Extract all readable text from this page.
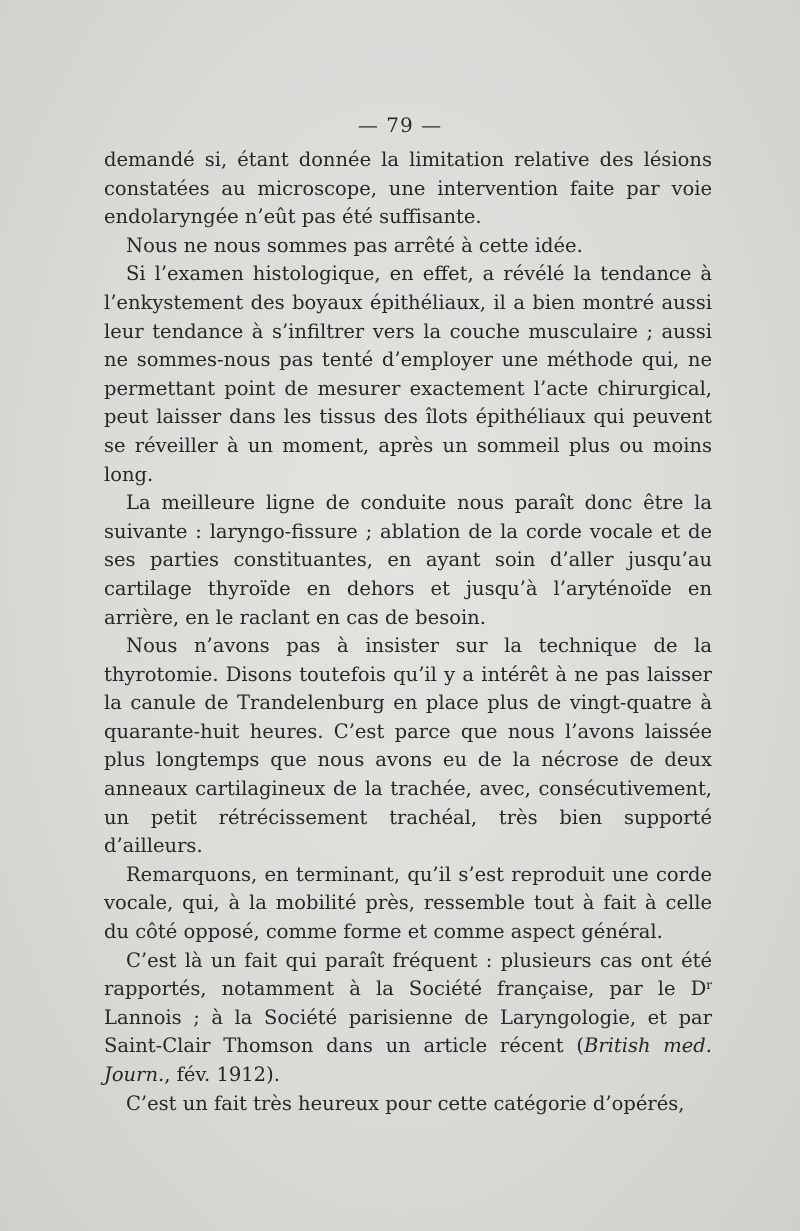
— 79 —

demandé si, étant donnée la limitation relative des lésions constatées au microscope, une intervention faite par voie endolaryngée n’eût pas été suffisante.

Nous ne nous sommes pas arrêté à cette idée.

Si l’examen histologique, en effet, a révélé la tendance à l’enkystement des boyaux épithéliaux, il a bien montré aussi leur tendance à s’infiltrer vers la couche musculaire ; aussi ne sommes-nous pas tenté d’employer une méthode qui, ne permettant point de mesurer exactement l’acte chirurgical, peut laisser dans les tissus des îlots épithéliaux qui peuvent se réveiller à un moment, après un sommeil plus ou moins long.

La meilleure ligne de conduite nous paraît donc être la suivante : laryngo-fissure ; ablation de la corde vocale et de ses parties constituantes, en ayant soin d’aller jusqu’au cartilage thyroïde en dehors et jusqu’à l’aryténoïde en arrière, en le raclant en cas de besoin.

Nous n’avons pas à insister sur la technique de la thyrotomie. Disons toutefois qu’il y a intérêt à ne pas laisser la canule de Trandelenburg en place plus de vingt-quatre à quarante-huit heures. C’est parce que nous l’avons laissée plus longtemps que nous avons eu de la nécrose de deux anneaux cartilagineux de la trachée, avec, consécutivement, un petit rétrécissement trachéal, très bien supporté d’ailleurs.

Remarquons, en terminant, qu’il s’est reproduit une corde vocale, qui, à la mobilité près, ressemble tout à fait à celle du côté opposé, comme forme et comme aspect général.

C’est là un fait qui paraît fréquent : plusieurs cas ont été rapportés, notamment à la Société française, par le $D^r$ Lannois ; à la Société parisienne de Laryngologie, et par Saint-Clair Thomson dans un article récent (British med. Journ., fév. 1912).

C’est un fait très heureux pour cette catégorie d’opérés,
